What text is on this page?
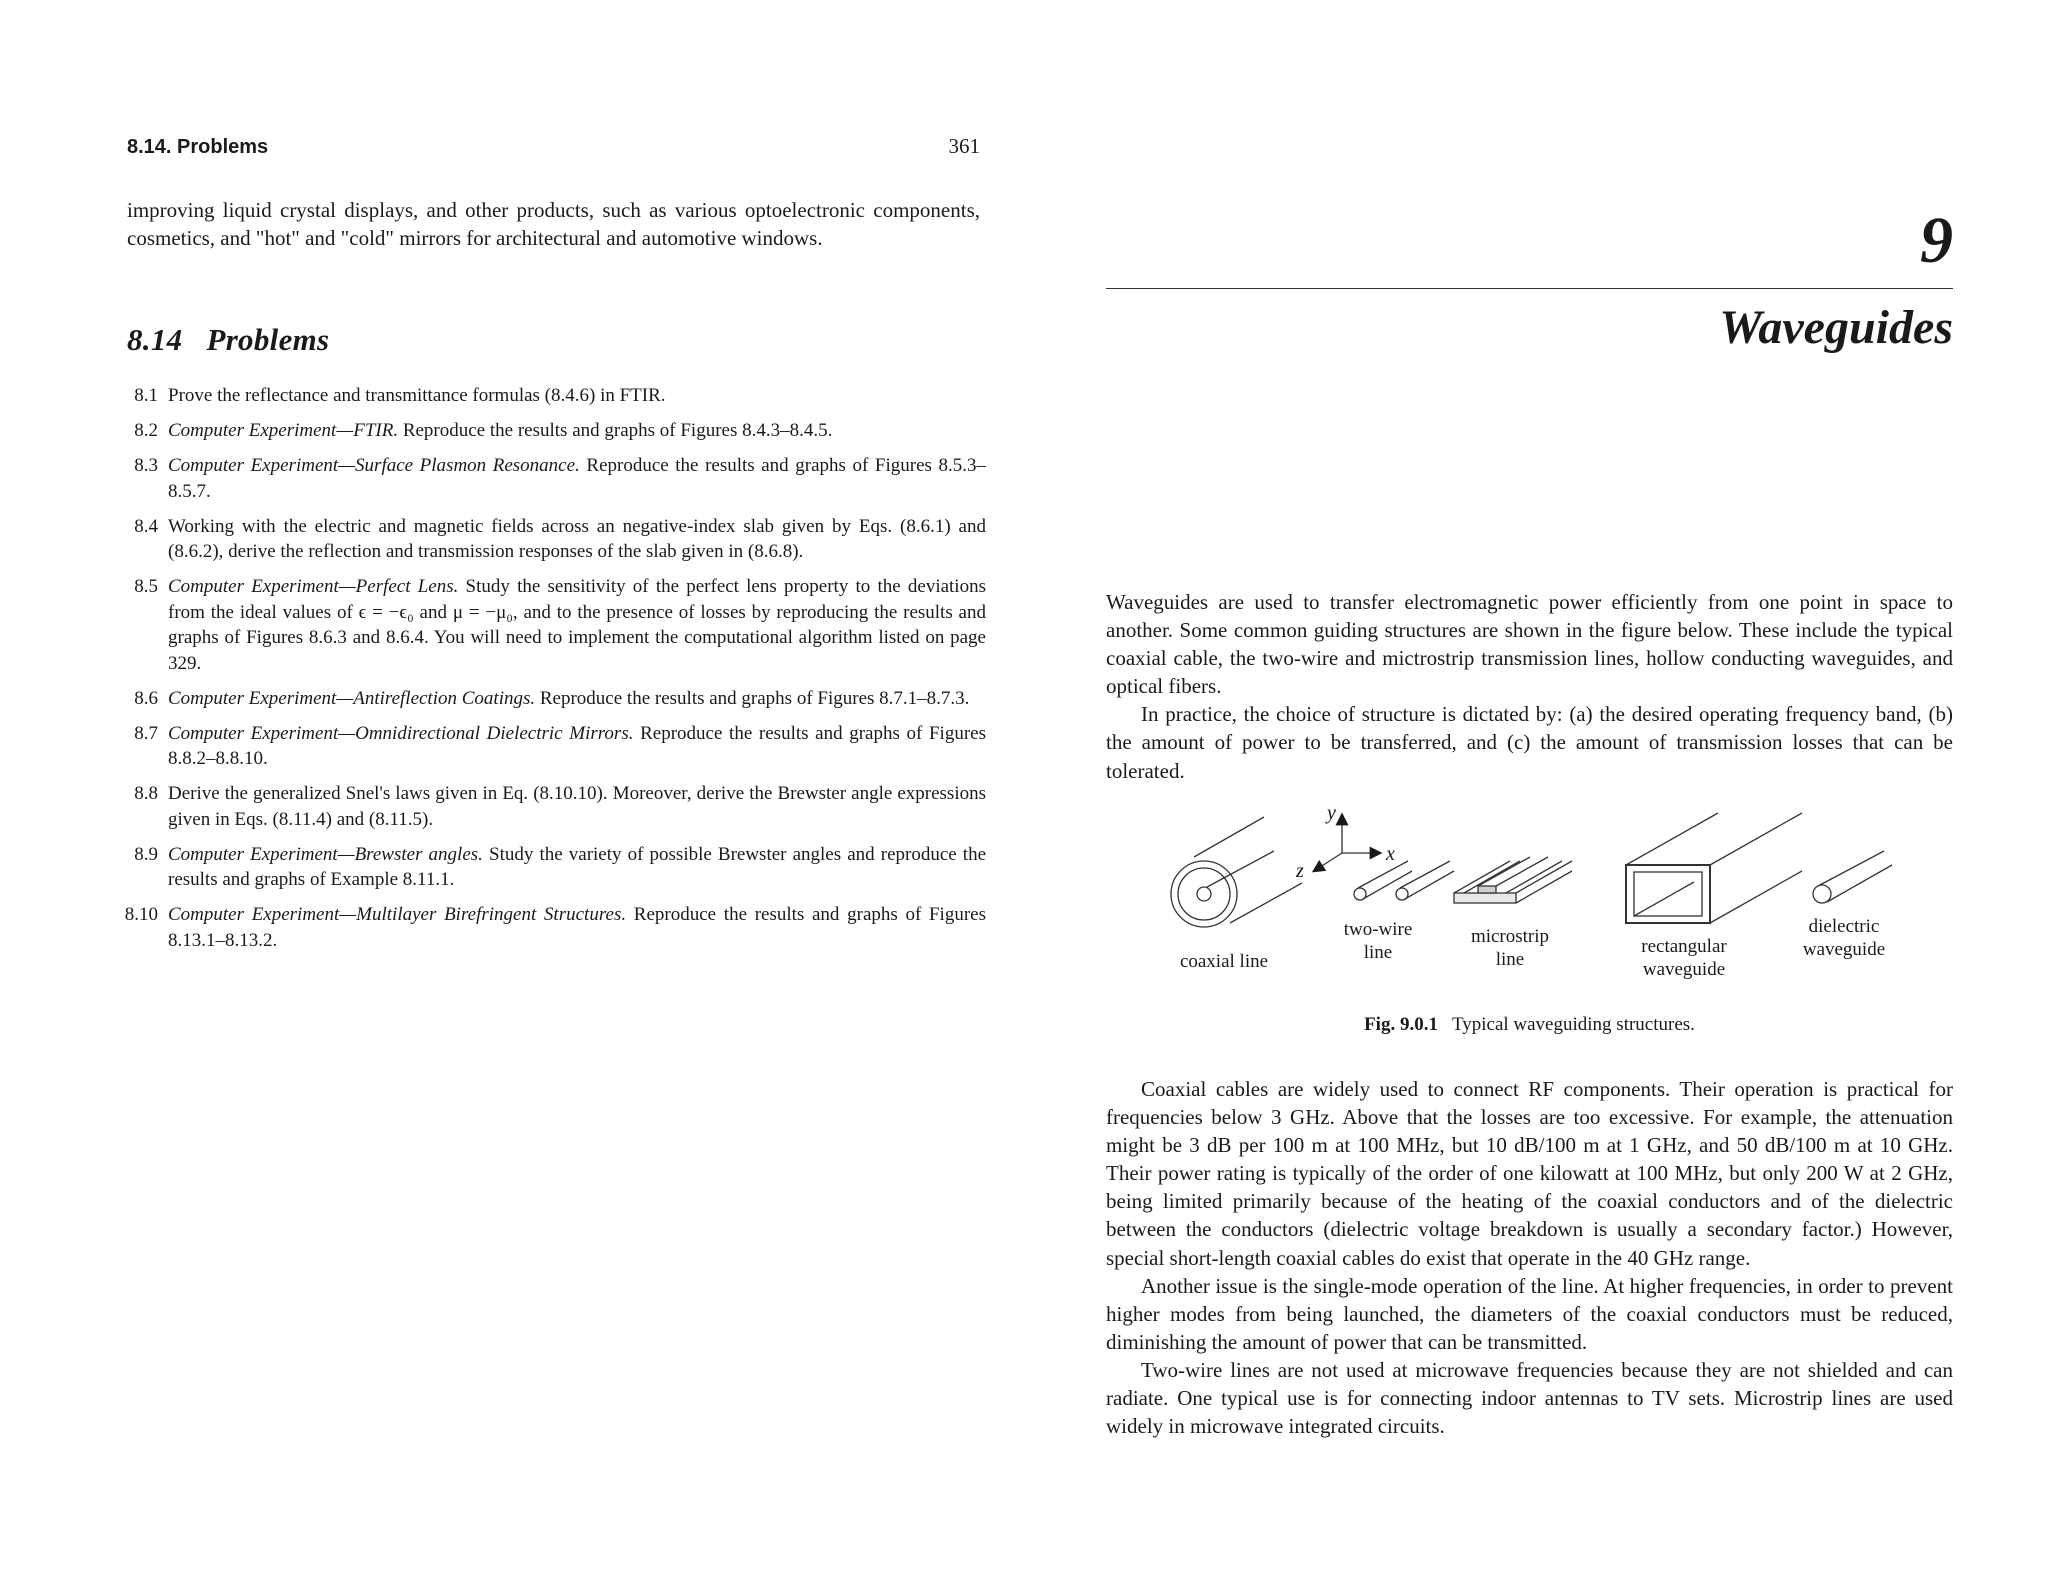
8.14. Problems	361

improving liquid crystal displays, and other products, such as various optoelectronic components, cosmetics, and "hot" and "cold" mirrors for architectural and automotive windows.

8.14 Problems
8.1 Prove the reflectance and transmittance formulas (8.4.6) in FTIR.
8.2 Computer Experiment—FTIR. Reproduce the results and graphs of Figures 8.4.3–8.4.5.
8.3 Computer Experiment—Surface Plasmon Resonance. Reproduce the results and graphs of Figures 8.5.3–8.5.7.
8.4 Working with the electric and magnetic fields across an negative-index slab given by Eqs. (8.6.1) and (8.6.2), derive the reflection and transmission responses of the slab given in (8.6.8).
8.5 Computer Experiment—Perfect Lens. Study the sensitivity of the perfect lens property to the deviations from the ideal values of ϵ = −ϵ₀ and μ = −μ₀, and to the presence of losses by reproducing the results and graphs of Figures 8.6.3 and 8.6.4. You will need to implement the computational algorithm listed on page 329.
8.6 Computer Experiment—Antireflection Coatings. Reproduce the results and graphs of Figures 8.7.1–8.7.3.
8.7 Computer Experiment—Omnidirectional Dielectric Mirrors. Reproduce the results and graphs of Figures 8.8.2–8.8.10.
8.8 Derive the generalized Snel's laws given in Eq. (8.10.10). Moreover, derive the Brewster angle expressions given in Eqs. (8.11.4) and (8.11.5).
8.9 Computer Experiment—Brewster angles. Study the variety of possible Brewster angles and reproduce the results and graphs of Example 8.11.1.
8.10 Computer Experiment—Multilayer Birefringent Structures. Reproduce the results and graphs of Figures 8.13.1–8.13.2.
9
Waveguides

Waveguides are used to transfer electromagnetic power efficiently from one point in space to another. Some common guiding structures are shown in the figure below. These include the typical coaxial cable, the two-wire and mictrostrip transmission lines, hollow conducting waveguides, and optical fibers.

In practice, the choice of structure is dictated by: (a) the desired operating frequency band, (b) the amount of power to be transferred, and (c) the amount of transmission losses that can be tolerated.

y
x
z
coaxial line
two-wire
line
microstrip
line
rectangular
waveguide
dielectric
waveguide

Fig. 9.0.1 Typical waveguiding structures.

Coaxial cables are widely used to connect RF components. Their operation is practical for frequencies below 3 GHz. Above that the losses are too excessive. For example, the attenuation might be 3 dB per 100 m at 100 MHz, but 10 dB/100 m at 1 GHz, and 50 dB/100 m at 10 GHz. Their power rating is typically of the order of one kilowatt at 100 MHz, but only 200 W at 2 GHz, being limited primarily because of the heating of the coaxial conductors and of the dielectric between the conductors (dielectric voltage breakdown is usually a secondary factor.) However, special short-length coaxial cables do exist that operate in the 40 GHz range.

Another issue is the single-mode operation of the line. At higher frequencies, in order to prevent higher modes from being launched, the diameters of the coaxial conductors must be reduced, diminishing the amount of power that can be transmitted.

Two-wire lines are not used at microwave frequencies because they are not shielded and can radiate. One typical use is for connecting indoor antennas to TV sets. Microstrip lines are used widely in microwave integrated circuits.
